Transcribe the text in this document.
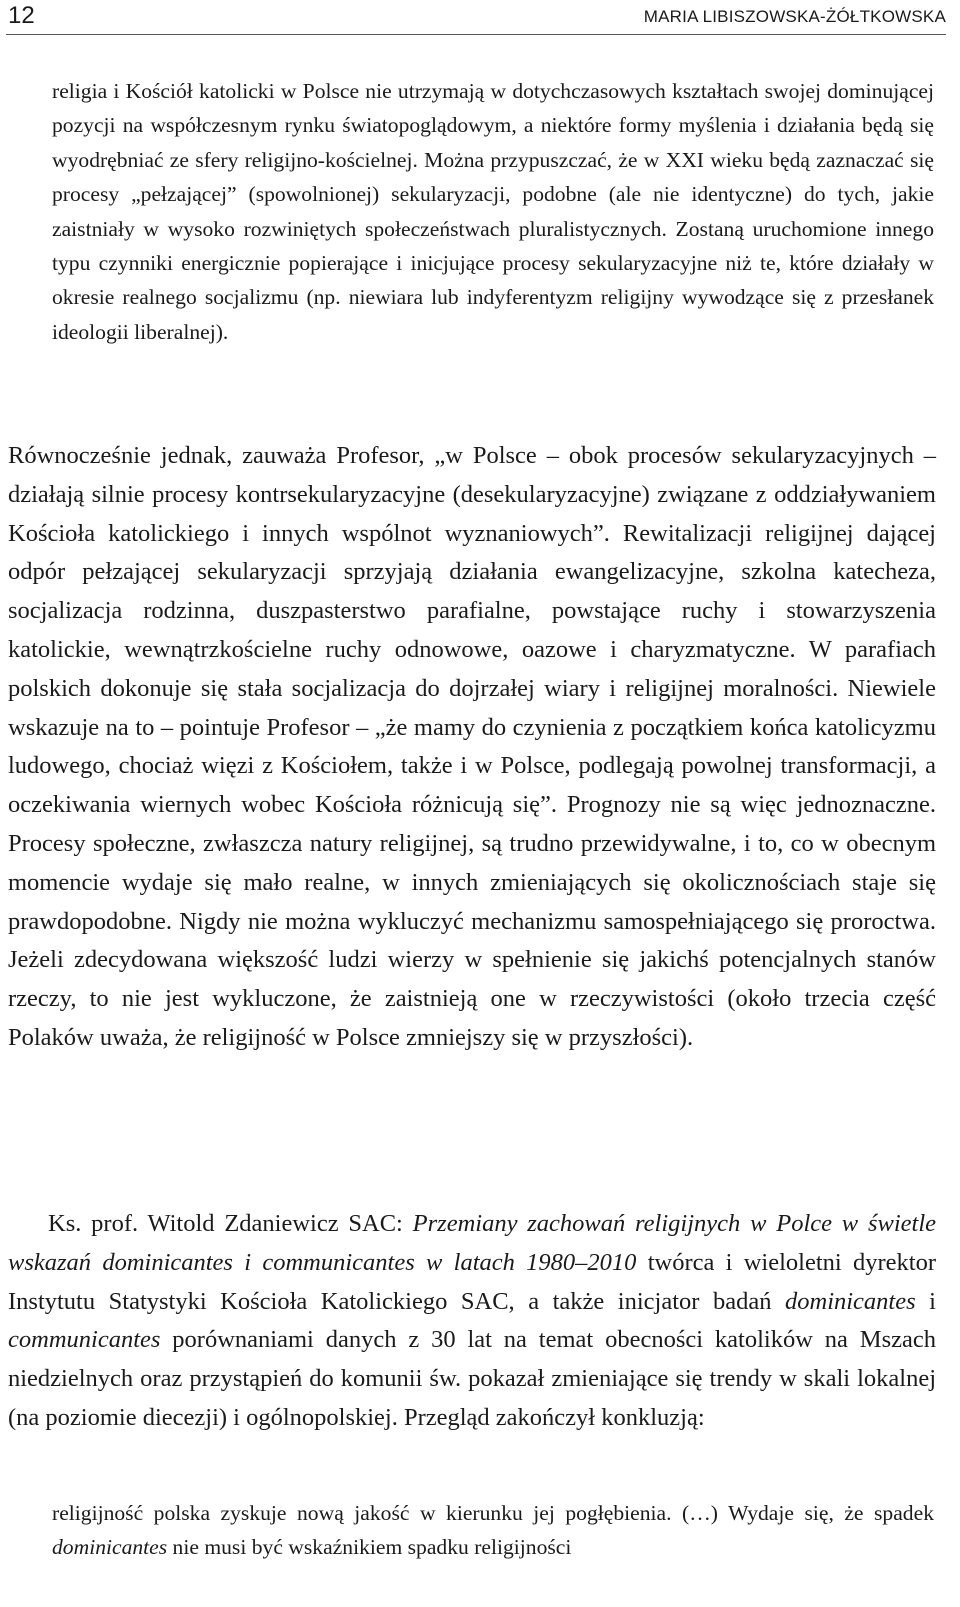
12	MARIA LIBISZOWSKA-ŻÓŁTKOWSKA

religia i Kościół katolicki w Polsce nie utrzymają w dotychczasowych kształtach swojej dominującej pozycji na współczesnym rynku światopoglądowym, a niektóre formy myślenia i działania będą się wyodrębniać ze sfery religijno-kościelnej. Można przypuszczać, że w XXI wieku będą zaznaczać się procesy „pełzającej” (spowolnionej) sekularyzacji, podobne (ale nie identyczne) do tych, jakie zaistniały w wysoko rozwiniętych społeczeństwach pluralistycznych. Zostaną uruchomione innego typu czynniki energicznie popierające i inicjujące procesy sekularyzacyjne niż te, które działały w okresie realnego socjalizmu (np. niewiara lub indyferentyzm religijny wywodzące się z przesłanek ideologii liberalnej).

Równocześnie jednak, zauważa Profesor, „w Polsce – obok procesów sekularyzacyjnych – działają silnie procesy kontrsekularyzacyjne (desekularyzacyjne) związane z oddziaływaniem Kościoła katolickiego i innych wspólnot wyznaniowych”. Rewitalizacji religijnej dającej odpór pełzającej sekularyzacji sprzyjają działania ewangelizacyjne, szkolna katecheza, socjalizacja rodzinna, duszpasterstwo parafialne, powstające ruchy i stowarzyszenia katolickie, wewnątrzkościelne ruchy odnowowe, oazowe i charyzmatyczne. W parafiach polskich dokonuje się stała socjalizacja do dojrzałej wiary i religijnej moralności. Niewiele wskazuje na to – pointuje Profesor – „że mamy do czynienia z początkiem końca katolicyzmu ludowego, chociaż więzi z Kościołem, także i w Polsce, podlegają powolnej transformacji, a oczekiwania wiernych wobec Kościoła różnicują się”. Prognozy nie są więc jednoznaczne. Procesy społeczne, zwłaszcza natury religijnej, są trudno przewidywalne, i to, co w obecnym momencie wydaje się mało realne, w innych zmieniających się okolicznościach staje się prawdopodobne. Nigdy nie można wykluczyć mechanizmu samospełniającego się proroctwa. Jeżeli zdecydowana większość ludzi wierzy w spełnienie się jakichś potencjalnych stanów rzeczy, to nie jest wykluczone, że zaistnieją one w rzeczywistości (około trzecia część Polaków uważa, że religijność w Polsce zmniejszy się w przyszłości).

Ks. prof. Witold Zdaniewicz SAC: Przemiany zachowań religijnych w Polce w świetle wskazań dominicantes i communicantes w latach 1980–2010 twórca i wieloletni dyrektor Instytutu Statystyki Kościoła Katolickiego SAC, a także inicjator badań dominicantes i communicantes porównaniami danych z 30 lat na temat obecności katolików na Mszach niedzielnych oraz przystąpień do komunii św. pokazał zmieniające się trendy w skali lokalnej (na poziomie diecezji) i ogólnopolskiej. Przegląd zakończył konkluzją:

religijność polska zyskuje nową jakość w kierunku jej pogłębienia. (…) Wydaje się, że spadek dominicantes nie musi być wskaźnikiem spadku religijności
